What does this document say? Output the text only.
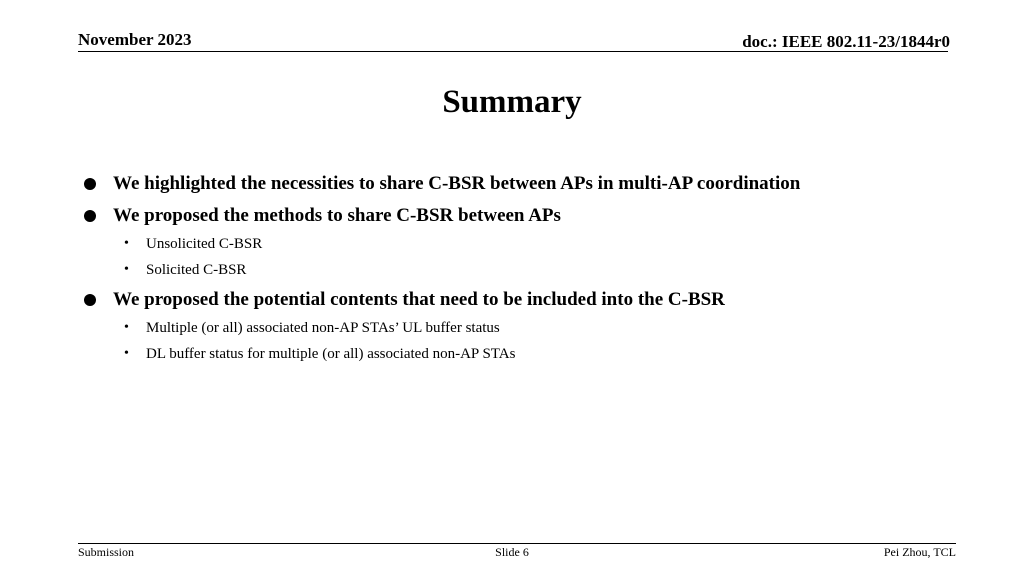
November 2023	doc.: IEEE 802.11-23/1844r0
Summary
We highlighted the necessities to share C-BSR between APs in multi-AP coordination
We proposed the methods to share C-BSR between APs
•	Unsolicited C-BSR
•	Solicited C-BSR
We proposed the potential contents that need to be included into the C-BSR
•	Multiple (or all) associated non-AP STAs’ UL buffer status
•	DL buffer status for multiple (or all) associated non-AP STAs
Submission	Slide 6	Pei Zhou, TCL
